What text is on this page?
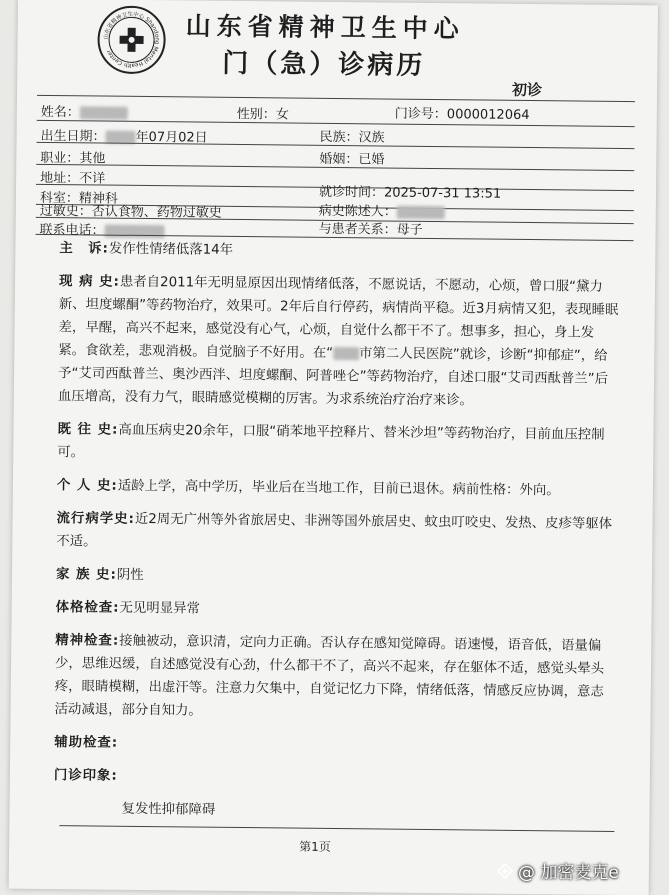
山东省精神卫生中心 Shandong Mental Health Center
山东省精神卫生中心
门（急）诊病历
初诊
姓名：	性别：女	门诊号：0000012064
出生日期： 年07月02日	民族：汉族
职业：其他	婚姻：已婚
地址：不详
科室：精神科	就诊时间：2025-07-31 13:51
过敏史：否认食物、药物过敏史	病史陈述人：
联系电话：	与患者关系：母子

主　诉:发作性情绪低落14年

现 病 史:患者自2011年无明显原因出现情绪低落，不愿说话，不愿动，心烦，曾口服“黛力新、坦度螺酮”等药物治疗，效果可。2年后自行停药，病情尚平稳。近3月病情又犯，表现睡眠差，早醒，高兴不起来，感觉没有心气，心烦，自觉什么都干不了。想事多，担心，身上发紧。食欲差，悲观消极。自觉脑子不好用。在“ 市第二人民医院”就诊，诊断“抑郁症”，给予“艾司西酞普兰、奥沙西泮、坦度螺酮、阿普唑仑”等药物治疗，自述口服“艾司西酞普兰”后血压增高，没有力气，眼睛感觉模糊的厉害。为求系统治疗治疗来诊。

既 往 史:高血压病史20余年，口服“硝苯地平控释片、替米沙坦”等药物治疗，目前血压控制可。

个 人 史:适龄上学，高中学历，毕业后在当地工作，目前已退休。病前性格：外向。

流行病学史:近2周无广州等外省旅居史、非洲等国外旅居史、蚊虫叮咬史、发热、皮疹等躯体不适。

家 族 史:阴性

体格检查:无见明显异常

精神检查:接触被动，意识清，定向力正确。否认存在感知觉障碍。语速慢，语音低，语量偏少，思维迟缓，自述感觉没有心劲，什么都干不了，高兴不起来，存在躯体不适，感觉头晕头疼，眼睛模糊，出虚汗等。注意力欠集中，自觉记忆力下降，情绪低落，情感反应协调，意志活动减退，部分自知力。

辅助检查:

门诊印象:

复发性抑郁障碍

第1页
@ 加密麦克e
